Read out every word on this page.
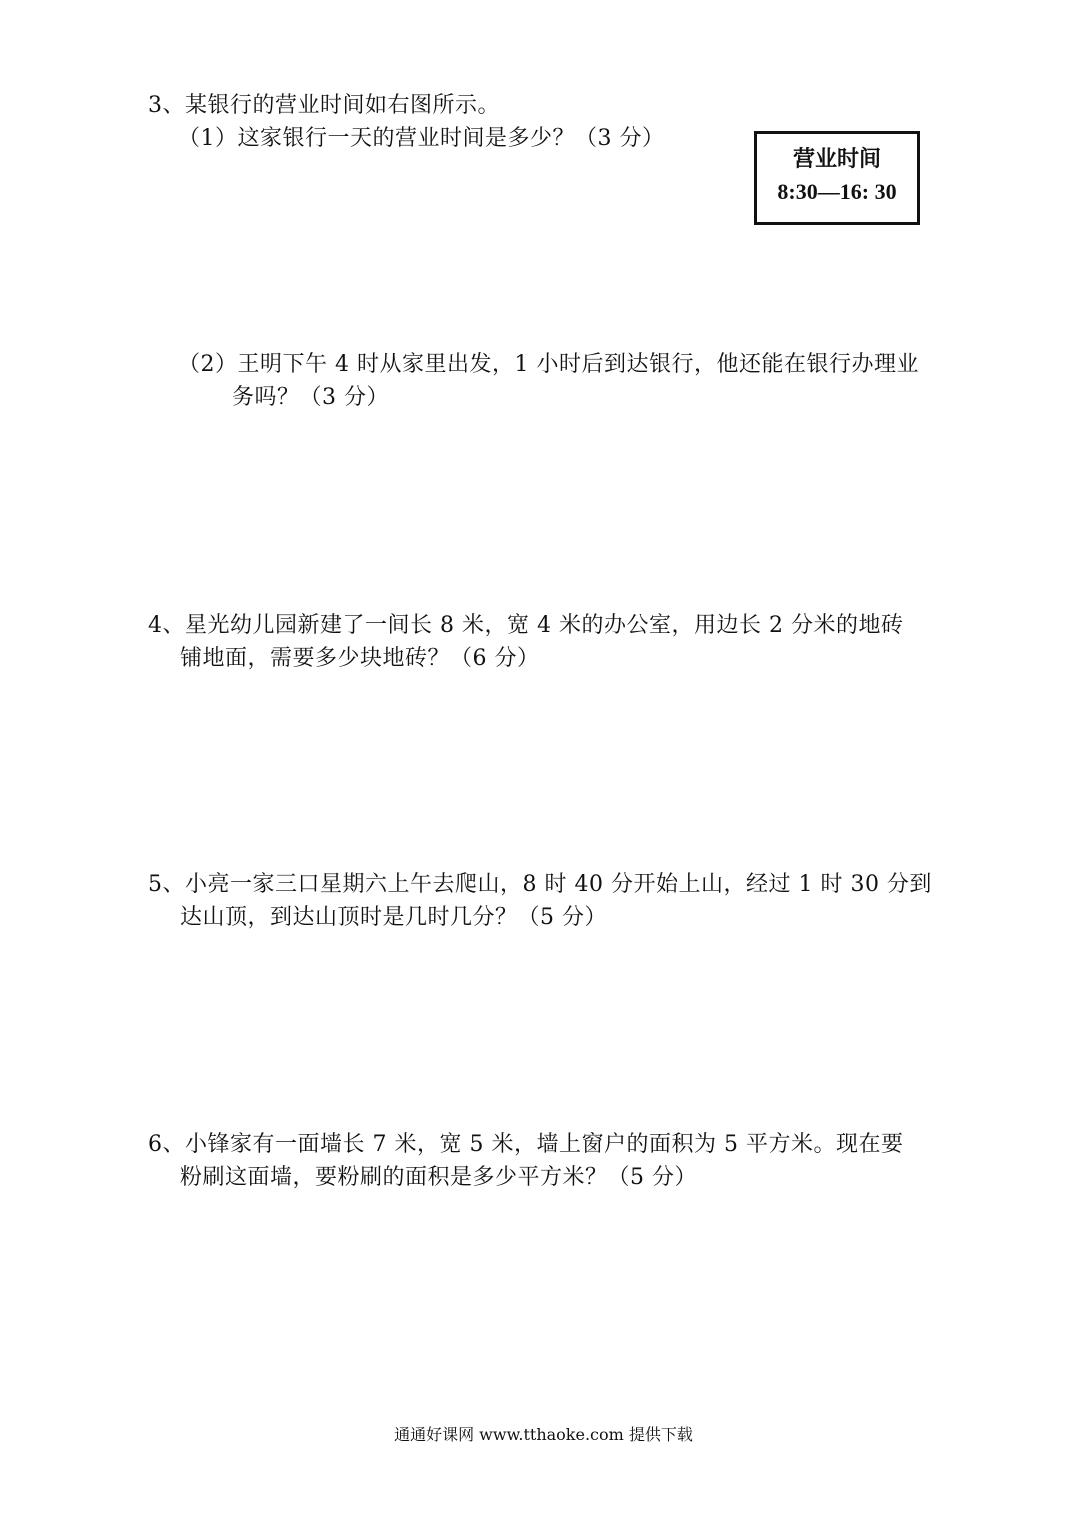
3、某银行的营业时间如右图所示。
（1）这家银行一天的营业时间是多少？（3 分）
营业时间
8:30—16: 30
（2）王明下午 4 时从家里出发，1 小时后到达银行，他还能在银行办理业
务吗？（3 分）
4、星光幼儿园新建了一间长 8 米，宽 4 米的办公室，用边长 2 分米的地砖
铺地面，需要多少块地砖？（6 分）
5、小亮一家三口星期六上午去爬山，8 时 40 分开始上山，经过 1 时 30 分到
达山顶，到达山顶时是几时几分？（5 分）
6、小锋家有一面墙长 7 米，宽 5 米，墙上窗户的面积为 5 平方米。现在要
粉刷这面墙，要粉刷的面积是多少平方米？（5 分）
通通好课网 www.tthaoke.com 提供下载
